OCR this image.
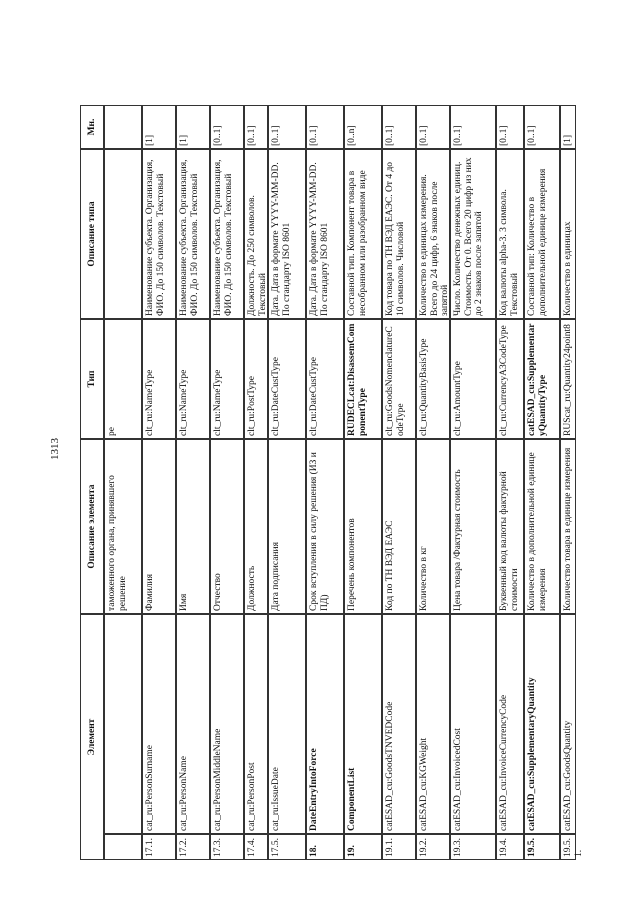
1313
Элемент
Описание элемента
Тип
Описание типа
Мн.
таможенного органа, принявшего решение
ре
17.1.
cat_ru:PersonSurname
Фамилия
clt_ru:NameType
Наименование субъекта. Организация, ФИО. До 150 символов. Текстовый
[1]
17.2.
cat_ru:PersonName
Имя
clt_ru:NameType
Наименование субъекта. Организация, ФИО. До 150 символов. Текстовый
[1]
17.3.
cat_ru:PersonMiddleName
Отчество
clt_ru:NameType
Наименование субъекта. Организация, ФИО. До 150 символов. Текстовый
[0..1]
17.4.
cat_ru:PersonPost
Должность
clt_ru:PostType
Должность. До 250 символов. Текстовый
[0..1]
17.5.
cat_ru:IssueDate
Дата подписания
clt_ru:DateCustType
Дата. Дата в формате YYYY-MM-DD. По стандарту ISO 8601
[0..1]
18.
DateEntryIntoForce
Срок вступления в силу решения (ИЗ и ПД)
clt_ru:DateCustType
Дата. Дата в формате YYYY-MM-DD. По стандарту ISO 8601
[0..1]
19.
ComponentList
Перечень компонентов
RUDECLcat:DisassemComponentType
Составной тип. Компонент товара в несобранном или разобранном виде
[0..n]
19.1.
catESAD_cu:GoodsTNVEDCode
Код по ТН ВЭД ЕАЭС
clt_ru:GoodsNomenclatureCodeType
Код товара по ТН ВЭД ЕАЭС. От 4 до 10 символов. Числовой
[0..1]
19.2.
catESAD_cu:KGWeight
Количество в кг
clt_ru:QuantityBasisType
Количество в единицах измерения. Всего до 24 цифр, 6 знаков после запятой
[0..1]
19.3.
catESAD_cu:InvoicedCost
Цена товара /Фактурная стоимость
clt_ru:AmountType
Число. Количество денежных единиц. Стоимость. От 0. Всего 20 цифр из них до 2 знаков после запятой
[0..1]
19.4.
catESAD_cu:InvoiceCurrencyCode
Буквенный код валюты фактурной стоимости
clt_ru:CurrencyA3CodeType
Код валюты alpha-3. 3 символа. Текстовый
[0..1]
19.5.
catESAD_cu:SupplementaryQuantity
Количество в дополнительной единице измерения
catESAD_cu:SupplementaryQuantityType
Составной тип: Количество в дополнительной единице измерения
[0..1]
19.5.1.
catESAD_cu:GoodsQuantity
Количество товара в единице измерения
RUScat_ru:Quantity24point8
Количество в единицах
[1]
